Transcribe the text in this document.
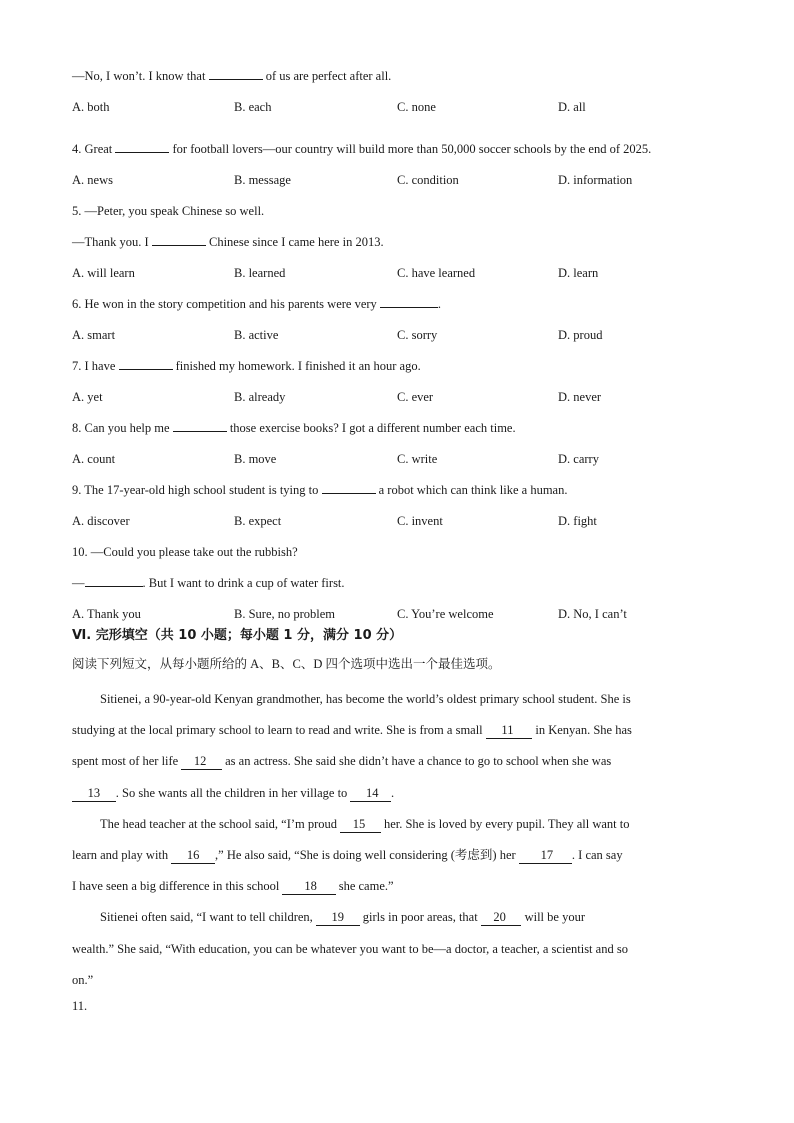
—No, I won’t. I know that	of us are perfect after all.
A. both	B. each	C. none	D. all
4. Great	for football lovers—our country will build more than 50,000 soccer schools by the end of 2025.
A. news	B. message	C. condition	D. information
5. —Peter, you speak Chinese so well.
—Thank you. I	Chinese since I came here in 2013.
A. will learn	B. learned	C. have learned	D. learn
6. He won in the story competition and his parents were very	.
A. smart	B. active	C. sorry	D. proud
7. I have	finished my homework. I finished it an hour ago.
A. yet	B. already	C. ever	D. never
8. Can you help me	those exercise books? I got a different number each time.
A. count	B. move	C. write	D. carry
9. The 17-year-old high school student is tying to	a robot which can think like a human.
A. discover	B. expect	C. invent	D. fight
10. —Could you please take out the rubbish?
—	. But I want to drink a cup of water first.
A. Thank you	B. Sure, no problem	C. You’re welcome	D. No, I can’t
Ⅵ. 完形填空（共 10 小题；每小题 1 分，满分 10 分）
阅读下列短文，从每小题所给的 A、B、C、D 四个选项中选出一个最佳选项。
Sitienei, a 90-year-old Kenyan grandmother, has become the world’s oldest primary school student. She is
studying at the local primary school to learn to read and write. She is from a small 11 in Kenyan. She has
spent most of her life 12 as an actress. She said she didn’t have a chance to go to school when she was
13 . So she wants all the children in her village to 14 .
The head teacher at the school said, “I’m proud 15 her. She is loved by every pupil. They all want to
learn and play with 16 ,” He also said, “She is doing well considering (考虑到) her 17 . I can say
I have seen a big difference in this school 18 she came.”
Sitienei often said, “I want to tell children, 19 girls in poor areas, that 20 will be your
wealth.” She said, “With education, you can be whatever you want to be—a doctor, a teacher, a scientist and so
on.”
11.
